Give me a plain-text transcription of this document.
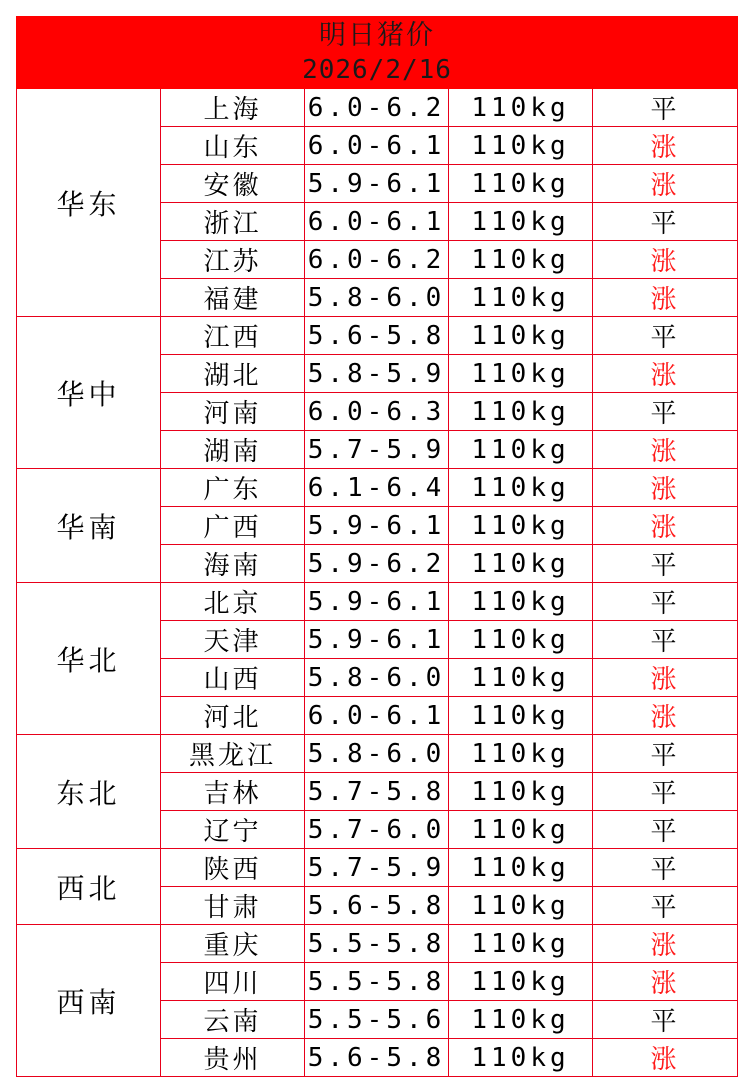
明日猪价
2026/2/16				

华东	上海	6.0-6.2	110kg	平
	山东	6.0-6.1	110kg	涨
	安徽	5.9-6.1	110kg	涨
	浙江	6.0-6.1	110kg	平
	江苏	6.0-6.2	110kg	涨
	福建	5.8-6.0	110kg	涨
华中	江西	5.6-5.8	110kg	平
	湖北	5.8-5.9	110kg	涨
	河南	6.0-6.3	110kg	平
	湖南	5.7-5.9	110kg	涨
华南	广东	6.1-6.4	110kg	涨
	广西	5.9-6.1	110kg	涨
	海南	5.9-6.2	110kg	平
华北	北京	5.9-6.1	110kg	平
	天津	5.9-6.1	110kg	平
	山西	5.8-6.0	110kg	涨
	河北	6.0-6.1	110kg	涨
东北	黑龙江	5.8-6.0	110kg	平
	吉林	5.7-5.8	110kg	平
	辽宁	5.7-6.0	110kg	平
西北	陕西	5.7-5.9	110kg	平
	甘肃	5.6-5.8	110kg	平
西南	重庆	5.5-5.8	110kg	涨
	四川	5.5-5.8	110kg	涨
	云南	5.5-5.6	110kg	平
	贵州	5.6-5.8	110kg	涨
